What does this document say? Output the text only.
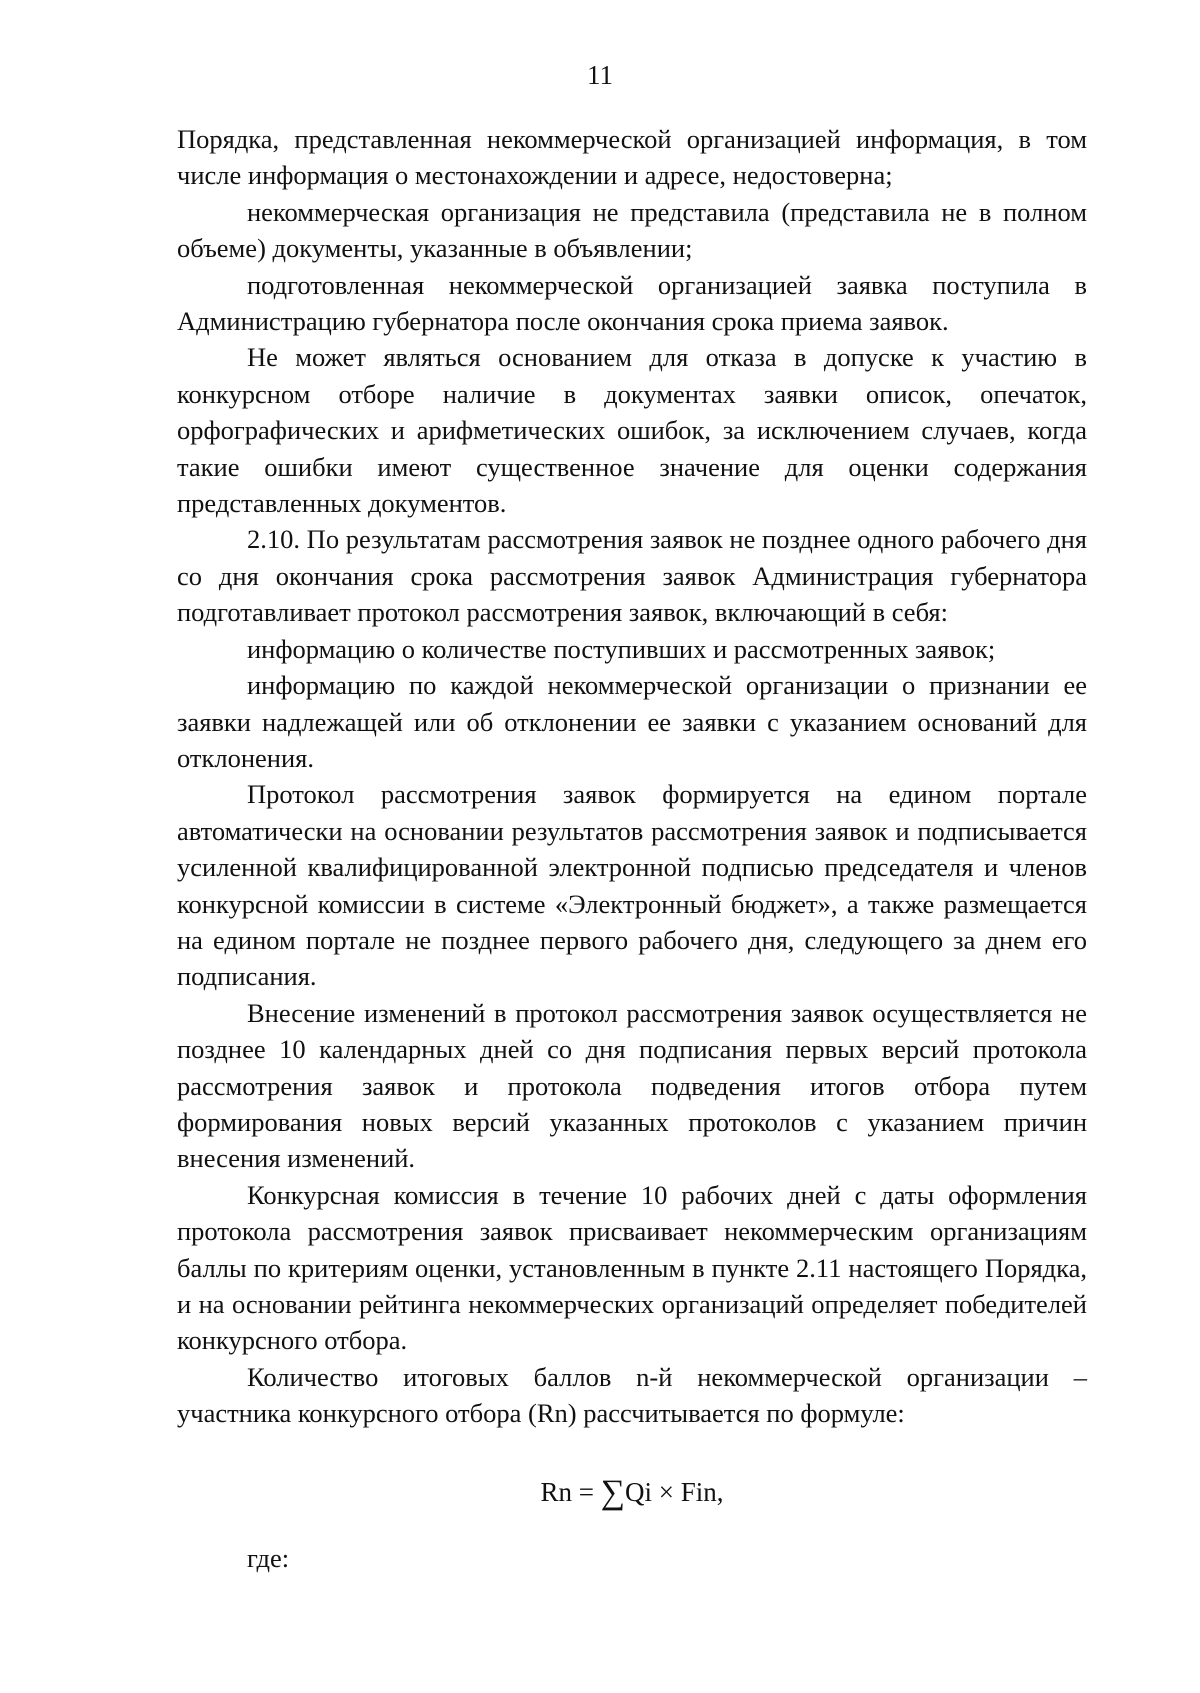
11

Порядка, представленная некоммерческой организацией информация, в том числе информация о местонахождении и адресе, недостоверна;

некоммерческая организация не представила (представила не в полном объеме) документы, указанные в объявлении;

подготовленная некоммерческой организацией заявка поступила в Администрацию губернатора после окончания срока приема заявок.

Не может являться основанием для отказа в допуске к участию в конкурсном отборе наличие в документах заявки описок, опечаток, орфографических и арифметических ошибок, за исключением случаев, когда такие ошибки имеют существенное значение для оценки содержания представленных документов.

2.10. По результатам рассмотрения заявок не позднее одного рабочего дня со дня окончания срока рассмотрения заявок Администрация губернатора подготавливает протокол рассмотрения заявок, включающий в себя:

информацию о количестве поступивших и рассмотренных заявок;

информацию по каждой некоммерческой организации о признании ее заявки надлежащей или об отклонении ее заявки с указанием оснований для отклонения.

Протокол рассмотрения заявок формируется на едином портале автоматически на основании результатов рассмотрения заявок и подписывается усиленной квалифицированной электронной подписью председателя и членов конкурсной комиссии в системе «Электронный бюджет», а также размещается на едином портале не позднее первого рабочего дня, следующего за днем его подписания.

Внесение изменений в протокол рассмотрения заявок осуществляется не позднее 10 календарных дней со дня подписания первых версий протокола рассмотрения заявок и протокола подведения итогов отбора путем формирования новых версий указанных протоколов с указанием причин внесения изменений.

Конкурсная комиссия в течение 10 рабочих дней с даты оформления протокола рассмотрения заявок присваивает некоммерческим организациям баллы по критериям оценки, установленным в пункте 2.11 настоящего Порядка, и на основании рейтинга некоммерческих организаций определяет победителей конкурсного отбора.

Количество итоговых баллов n-й некоммерческой организации – участника конкурсного отбора (Rn) рассчитывается по формуле:

Rn = ∑Qi × Fin,
где:
